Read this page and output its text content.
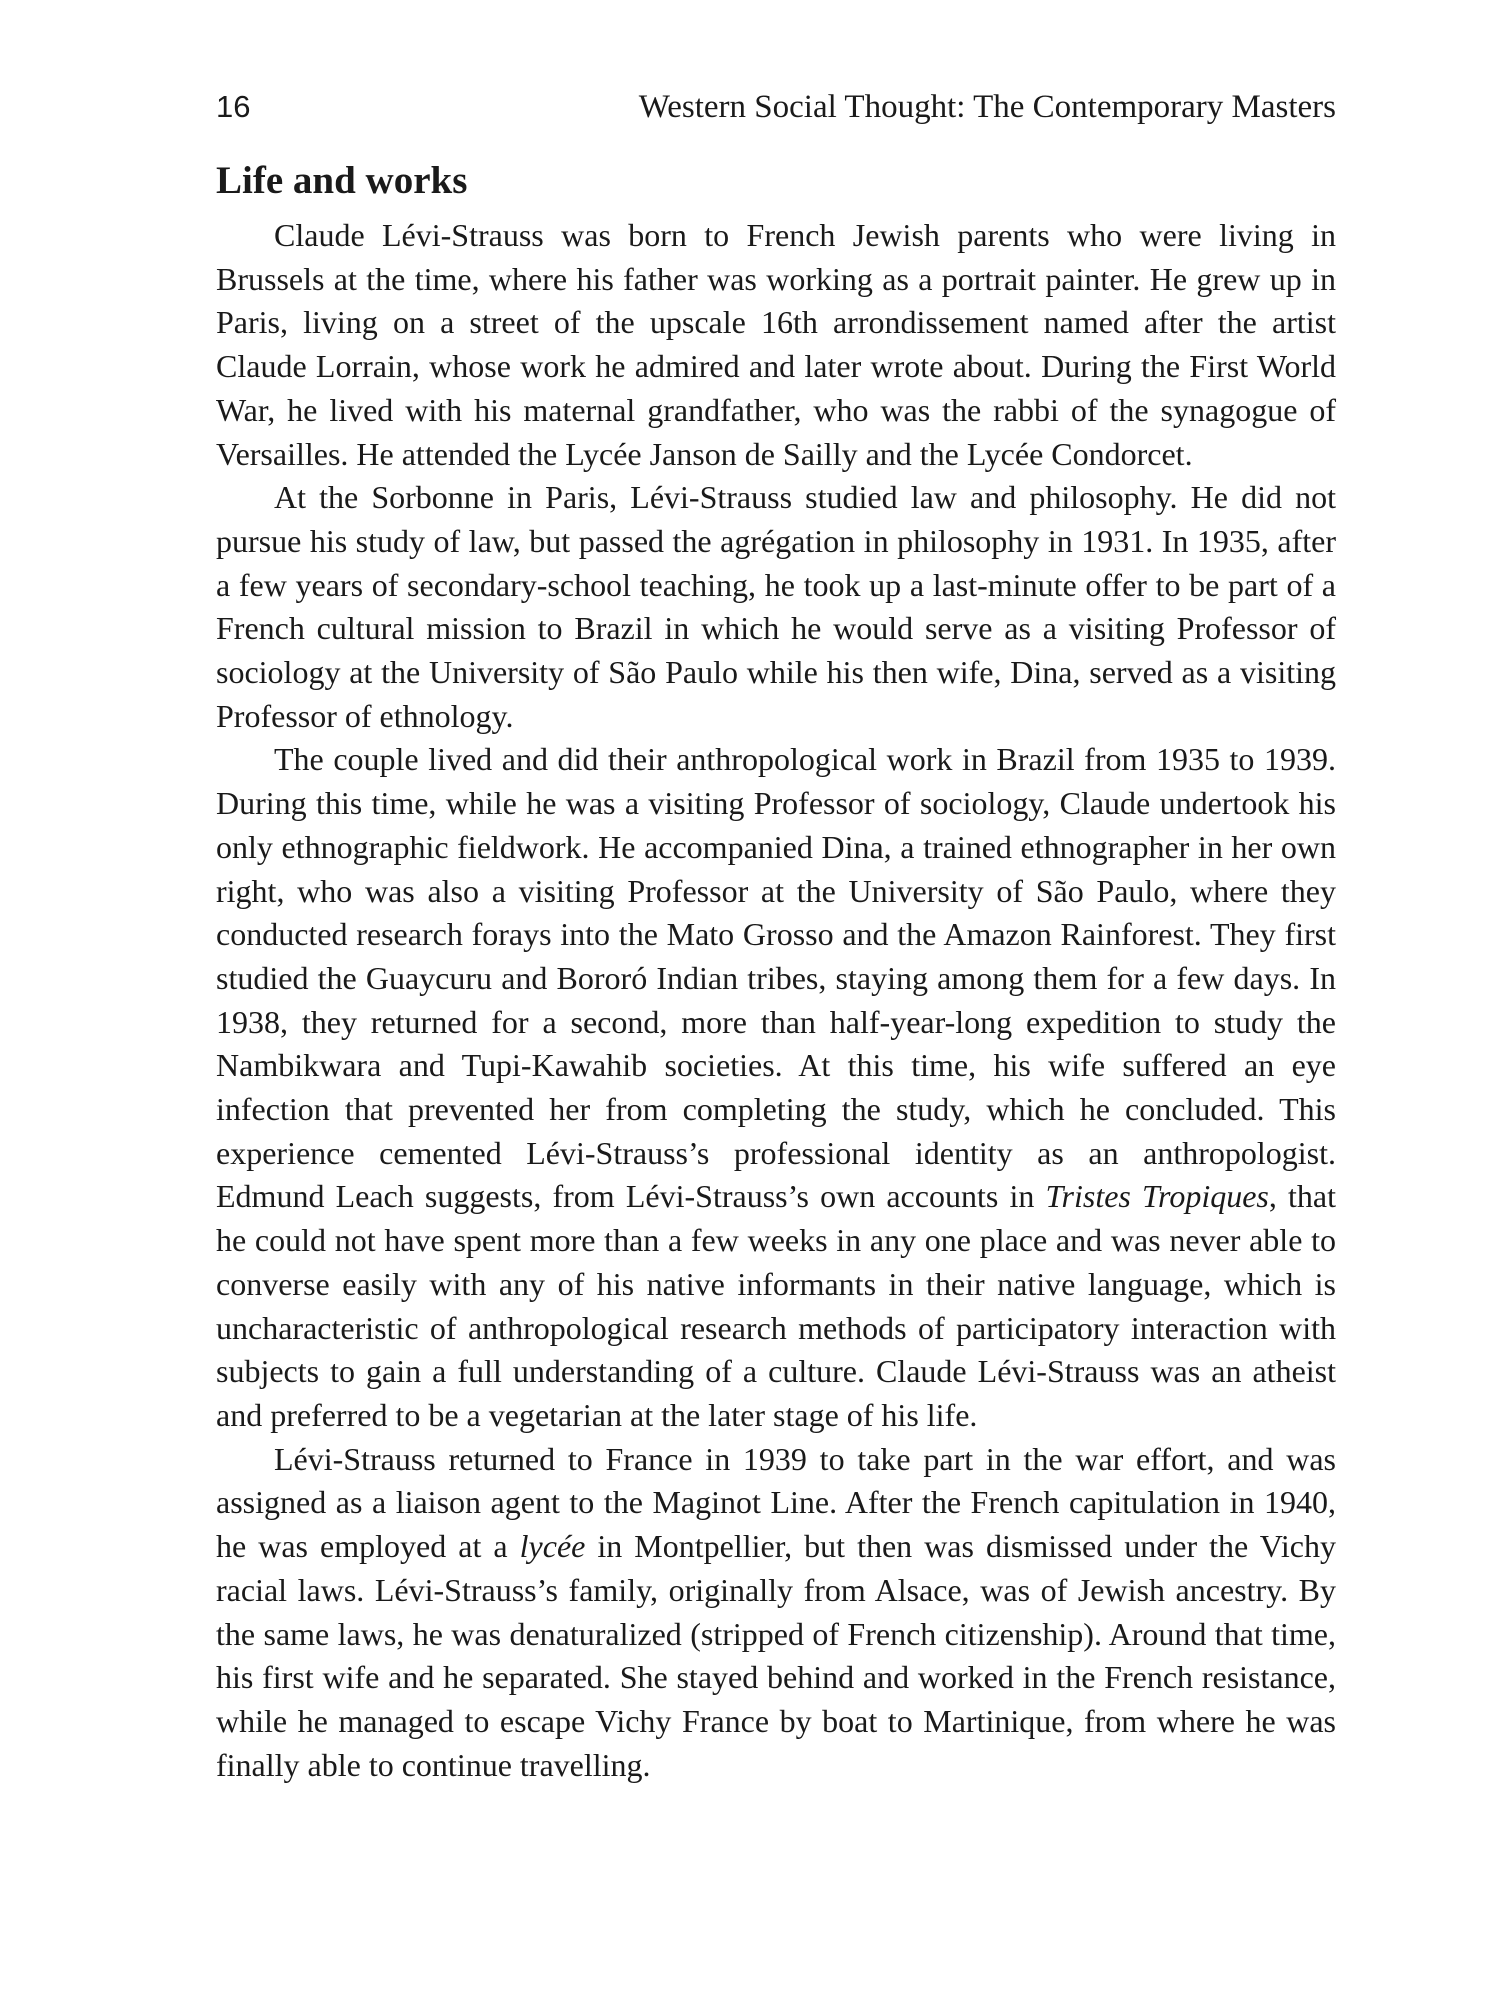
16	Western Social Thought: The Contemporary Masters
Life and works

Claude Lévi-Strauss was born to French Jewish parents who were living in Brussels at the time, where his father was working as a portrait painter. He grew up in Paris, living on a street of the upscale 16th arrondissement named after the artist Claude Lorrain, whose work he admired and later wrote about. During the First World War, he lived with his maternal grandfather, who was the rabbi of the synagogue of Versailles. He attended the Lycée Janson de Sailly and the Lycée Condorcet.

At the Sorbonne in Paris, Lévi-Strauss studied law and philosophy. He did not pursue his study of law, but passed the agrégation in philosophy in 1931. In 1935, after a few years of secondary-school teaching, he took up a last-minute offer to be part of a French cultural mission to Brazil in which he would serve as a visiting Professor of sociology at the University of São Paulo while his then wife, Dina, served as a visiting Professor of ethnology.

The couple lived and did their anthropological work in Brazil from 1935 to 1939. During this time, while he was a visiting Professor of sociology, Claude undertook his only ethnographic fieldwork. He accompanied Dina, a trained ethnographer in her own right, who was also a visiting Professor at the University of São Paulo, where they conducted research forays into the Mato Grosso and the Amazon Rainforest. They first studied the Guaycuru and Bororó Indian tribes, staying among them for a few days. In 1938, they returned for a second, more than half-year-long expedition to study the Nambikwara and Tupi-Kawahib societies. At this time, his wife suffered an eye infection that prevented her from completing the study, which he concluded. This experience cemented Lévi-Strauss’s professional identity as an anthropologist. Edmund Leach suggests, from Lévi-Strauss’s own accounts in Tristes Tropiques, that he could not have spent more than a few weeks in any one place and was never able to converse easily with any of his native informants in their native language, which is uncharacteristic of anthropological research methods of participatory interaction with subjects to gain a full understanding of a culture. Claude Lévi-Strauss was an atheist and preferred to be a vegetarian at the later stage of his life.

Lévi-Strauss returned to France in 1939 to take part in the war effort, and was assigned as a liaison agent to the Maginot Line. After the French capitulation in 1940, he was employed at a lycée in Montpellier, but then was dismissed under the Vichy racial laws. Lévi-Strauss’s family, originally from Alsace, was of Jewish ancestry. By the same laws, he was denaturalized (stripped of French citizenship). Around that time, his first wife and he separated. She stayed behind and worked in the French resistance, while he managed to escape Vichy France by boat to Martinique, from where he was finally able to continue travelling.
